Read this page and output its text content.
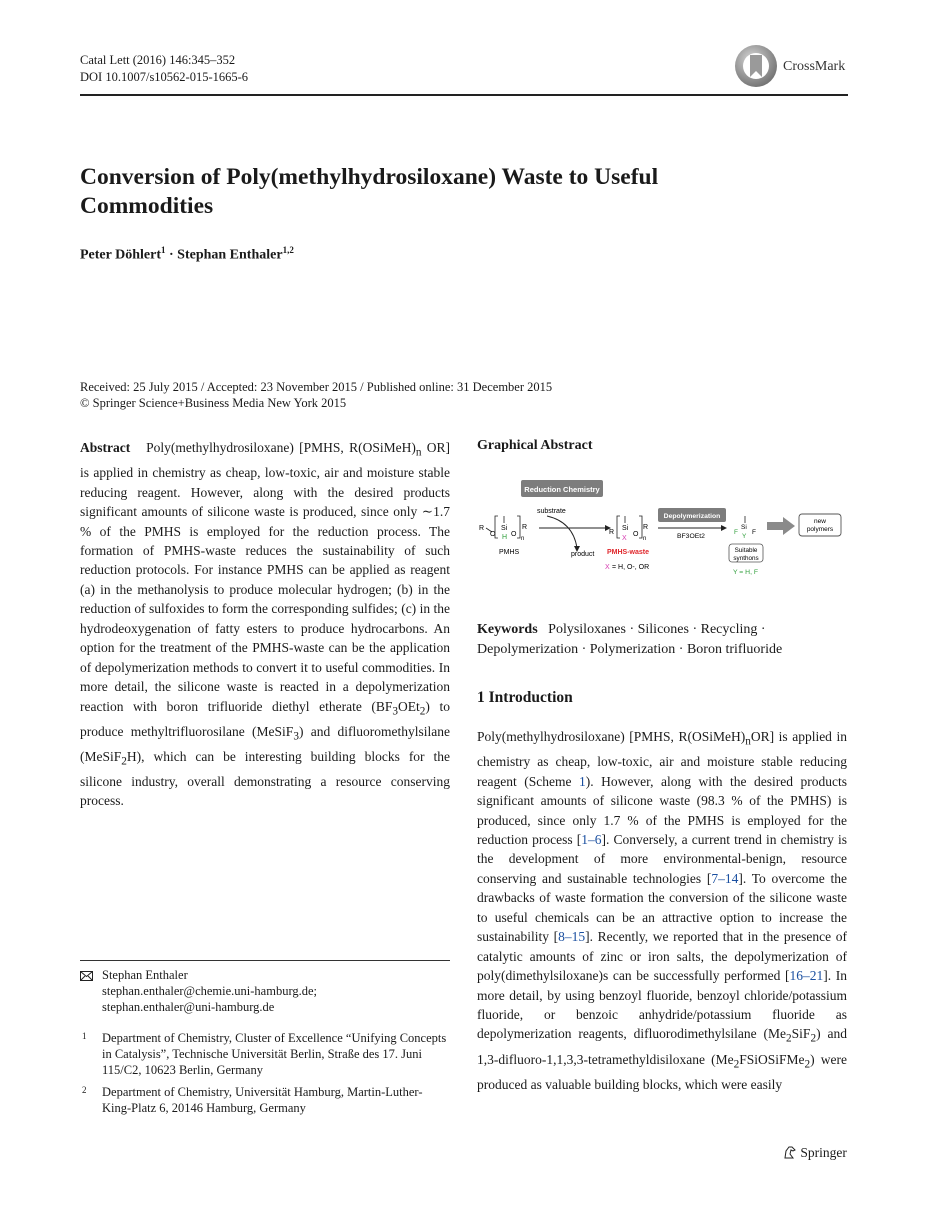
Catal Lett (2016) 146:345–352
DOI 10.1007/s10562-015-1665-6
CrossMark
Conversion of Poly(methylhydrosiloxane) Waste to Useful Commodities
Peter Döhlert$^1$ · Stephan Enthaler$^{1,2}$
Received: 25 July 2015 / Accepted: 23 November 2015 / Published online: 31 December 2015
© Springer Science+Business Media New York 2015
Abstract Poly(methylhydrosiloxane) [PMHS, $R(OSiMeH)_n$ OR] is applied in chemistry as cheap, low-toxic, air and moisture stable reducing reagent. However, along with the desired products significant amounts of silicone waste is produced, since only ∼1.7 % of the PMHS is employed for the reduction process. The formation of PMHS-waste reduces the sustainability of such reduction protocols. For instance PMHS can be applied as reagent (a) in the methanolysis to produce molecular hydrogen; (b) in the reduction of sulfoxides to form the corresponding sulfides; (c) in the hydrodeoxygenation of fatty esters to produce hydrocarbons. An option for the treatment of the PMHS-waste can be the application of depolymerization methods to convert it to useful commodities. In more detail, the silicone waste is reacted in a depolymerization reaction with boron trifluoride diethyl etherate $(BF_3OEt_2)$ to produce methyltrifluorosilane (MeSiF$_3$) and difluoromethylsilane (MeSiF$_2$H), which can be interesting building blocks for the silicone industry, overall demonstrating a resource conserving process.
Stephan Enthaler
stephan.enthaler@chemie.uni-hamburg.de;
stephan.enthaler@uni-hamburg.de
1 Department of Chemistry, Cluster of Excellence “Unifying Concepts in Catalysis”, Technische Universität Berlin, Straße des 17. Juni 115/C2, 10623 Berlin, Germany
2 Department of Chemistry, Universität Hamburg, Martin-Luther-King-Platz 6, 20146 Hamburg, Germany
Graphical Abstract
Reduction Chemistry
R
O
Si
H O
n
R
PMHS
substrate
product
R
Si
X
O
n
R
PMHS-waste
X = H, O-, OR
Depolymerization
BF3OEt2
Si
F F
Y
Suitable
synthons
Y = H, F
new
polymers
Keywords Polysiloxanes · Silicones · Recycling · Depolymerization · Polymerization · Boron trifluoride
1 Introduction
Poly(methylhydrosiloxane) [PMHS, $R(OSiMeH)_nOR$] is applied in chemistry as cheap, low-toxic, air and moisture stable reducing reagent (Scheme 1). However, along with the desired products significant amounts of silicone waste (98.3 % of the PMHS) is produced, since only 1.7 % of the PMHS is employed for the reduction process [1–6]. Conversely, a current trend in chemistry is the development of more environmental-benign, resource conserving and sustainable technologies [7–14]. To overcome the drawbacks of waste formation the conversion of the silicone waste to useful chemicals can be an attractive option to increase the sustainability [8–15]. Recently, we reported that in the presence of catalytic amounts of zinc or iron salts, the depolymerization of poly(dimethylsiloxane)s can be successfully performed [16–21]. In more detail, by using benzoyl fluoride, benzoyl chloride/potassium fluoride, or benzoic anhydride/potassium fluoride as depolymerization reagents, difluorodimethylsilane $(Me_2SiF_2)$ and 1,3-difluoro-1,1,3,3-tetramethyldisiloxane $(Me_2FSiOSiFMe_2)$ were produced as valuable building blocks, which were easily
Springer
